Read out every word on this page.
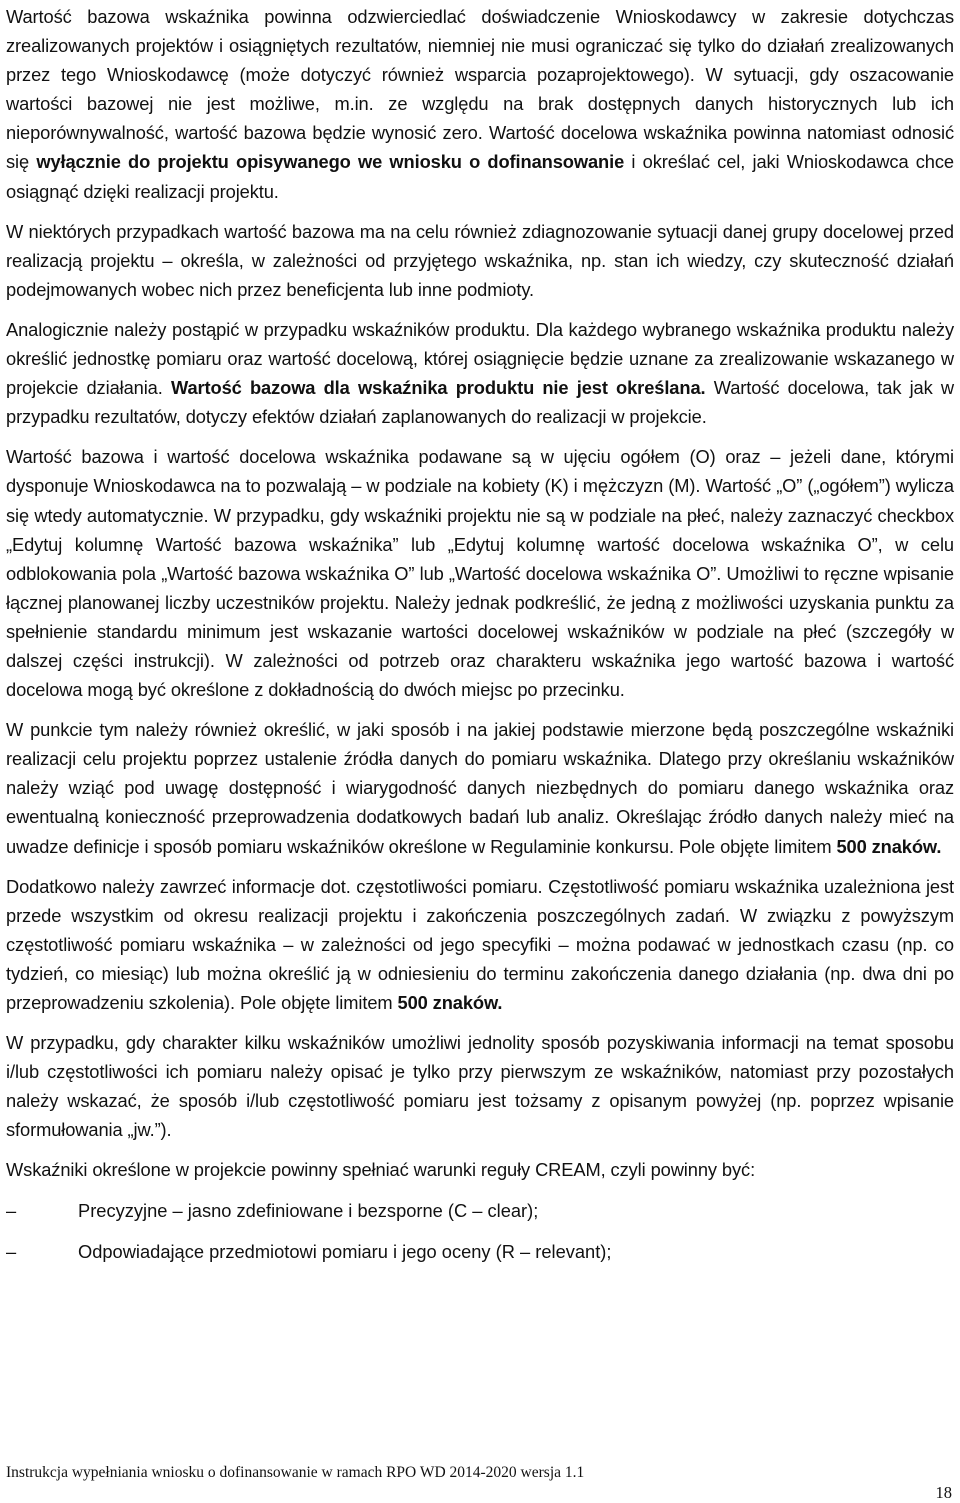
Wartość bazowa wskaźnika powinna odzwierciedlać doświadczenie Wnioskodawcy w zakresie dotychczas zrealizowanych projektów i osiągniętych rezultatów, niemniej nie musi ograniczać się tylko do działań zrealizowanych przez tego Wnioskodawcę (może dotyczyć również wsparcia pozaprojektowego). W sytuacji, gdy oszacowanie wartości bazowej nie jest możliwe, m.in. ze względu na brak dostępnych danych historycznych lub ich nieporównywalność, wartość bazowa będzie wynosić zero. Wartość docelowa wskaźnika powinna natomiast odnosić się wyłącznie do projektu opisywanego we wniosku o dofinansowanie i określać cel, jaki Wnioskodawca chce osiągnąć dzięki realizacji projektu.

W niektórych przypadkach wartość bazowa ma na celu również zdiagnozowanie sytuacji danej grupy docelowej przed realizacją projektu – określa, w zależności od przyjętego wskaźnika, np. stan ich wiedzy, czy skuteczność działań podejmowanych wobec nich przez beneficjenta lub inne podmioty.

Analogicznie należy postąpić w przypadku wskaźników produktu. Dla każdego wybranego wskaźnika produktu należy określić jednostkę pomiaru oraz wartość docelową, której osiągnięcie będzie uznane za zrealizowanie wskazanego w projekcie działania. Wartość bazowa dla wskaźnika produktu nie jest określana. Wartość docelowa, tak jak w przypadku rezultatów, dotyczy efektów działań zaplanowanych do realizacji w projekcie.

Wartość bazowa i wartość docelowa wskaźnika podawane są w ujęciu ogółem (O) oraz – jeżeli dane, którymi dysponuje Wnioskodawca na to pozwalają – w podziale na kobiety (K) i mężczyzn (M). Wartość „O” („ogółem”) wylicza się wtedy automatycznie. W przypadku, gdy wskaźniki projektu nie są w podziale na płeć, należy zaznaczyć checkbox „Edytuj kolumnę Wartość bazowa wskaźnika” lub „Edytuj kolumnę wartość docelowa wskaźnika O”, w celu odblokowania pola „Wartość bazowa wskaźnika O” lub „Wartość docelowa wskaźnika O”. Umożliwi to ręczne wpisanie łącznej planowanej liczby uczestników projektu. Należy jednak podkreślić, że jedną z możliwości uzyskania punktu za spełnienie standardu minimum jest wskazanie wartości docelowej wskaźników w podziale na płeć (szczegóły w dalszej części instrukcji). W zależności od potrzeb oraz charakteru wskaźnika jego wartość bazowa i wartość docelowa mogą być określone z dokładnością do dwóch miejsc po przecinku.

W punkcie tym należy również określić, w jaki sposób i na jakiej podstawie mierzone będą poszczególne wskaźniki realizacji celu projektu poprzez ustalenie źródła danych do pomiaru wskaźnika. Dlatego przy określaniu wskaźników należy wziąć pod uwagę dostępność i wiarygodność danych niezbędnych do pomiaru danego wskaźnika oraz ewentualną konieczność przeprowadzenia dodatkowych badań lub analiz. Określając źródło danych należy mieć na uwadze definicje i sposób pomiaru wskaźników określone w Regulaminie konkursu. Pole objęte limitem 500 znaków.

Dodatkowo należy zawrzeć informacje dot. częstotliwości pomiaru. Częstotliwość pomiaru wskaźnika uzależniona jest przede wszystkim od okresu realizacji projektu i zakończenia poszczególnych zadań. W związku z powyższym częstotliwość pomiaru wskaźnika – w zależności od jego specyfiki – można podawać w jednostkach czasu (np. co tydzień, co miesiąc) lub można określić ją w odniesieniu do terminu zakończenia danego działania (np. dwa dni po przeprowadzeniu szkolenia). Pole objęte limitem 500 znaków.

W przypadku, gdy charakter kilku wskaźników umożliwi jednolity sposób pozyskiwania informacji na temat sposobu i/lub częstotliwości ich pomiaru należy opisać je tylko przy pierwszym ze wskaźników, natomiast przy pozostałych należy wskazać, że sposób i/lub częstotliwość pomiaru jest tożsamy z opisanym powyżej (np. poprzez wpisanie sformułowania „jw.”).

Wskaźniki określone w projekcie powinny spełniać warunki reguły CREAM, czyli powinny być:

–	Precyzyjne – jasno zdefiniowane i bezsporne (C – clear);
–	Odpowiadające przedmiotowi pomiaru i jego oceny (R – relevant);
Instrukcja wypełniania wniosku o dofinansowanie w ramach RPO WD 2014-2020 wersja 1.1
18
